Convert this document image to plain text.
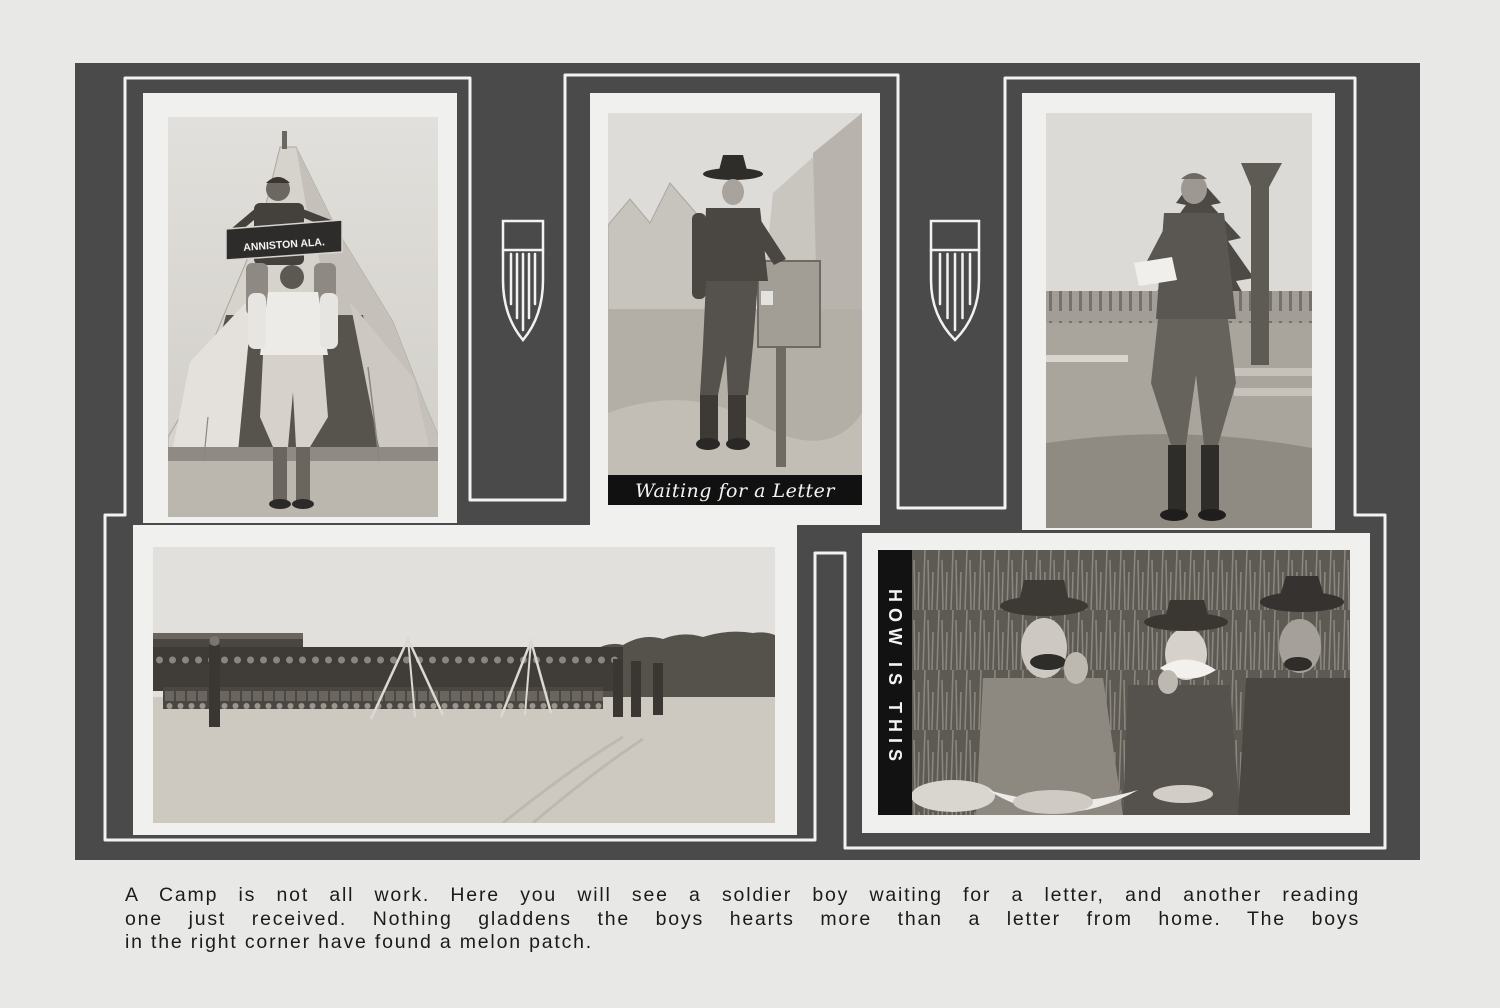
ANNISTON ALA.
Waiting for a Letter
HOW IS THIS
A Camp is not all work. Here you will see a soldier boy waiting for a letter, and another reading
one just received. Nothing gladdens the boys hearts more than a letter from home. The boys
in the right corner have found a melon patch.
